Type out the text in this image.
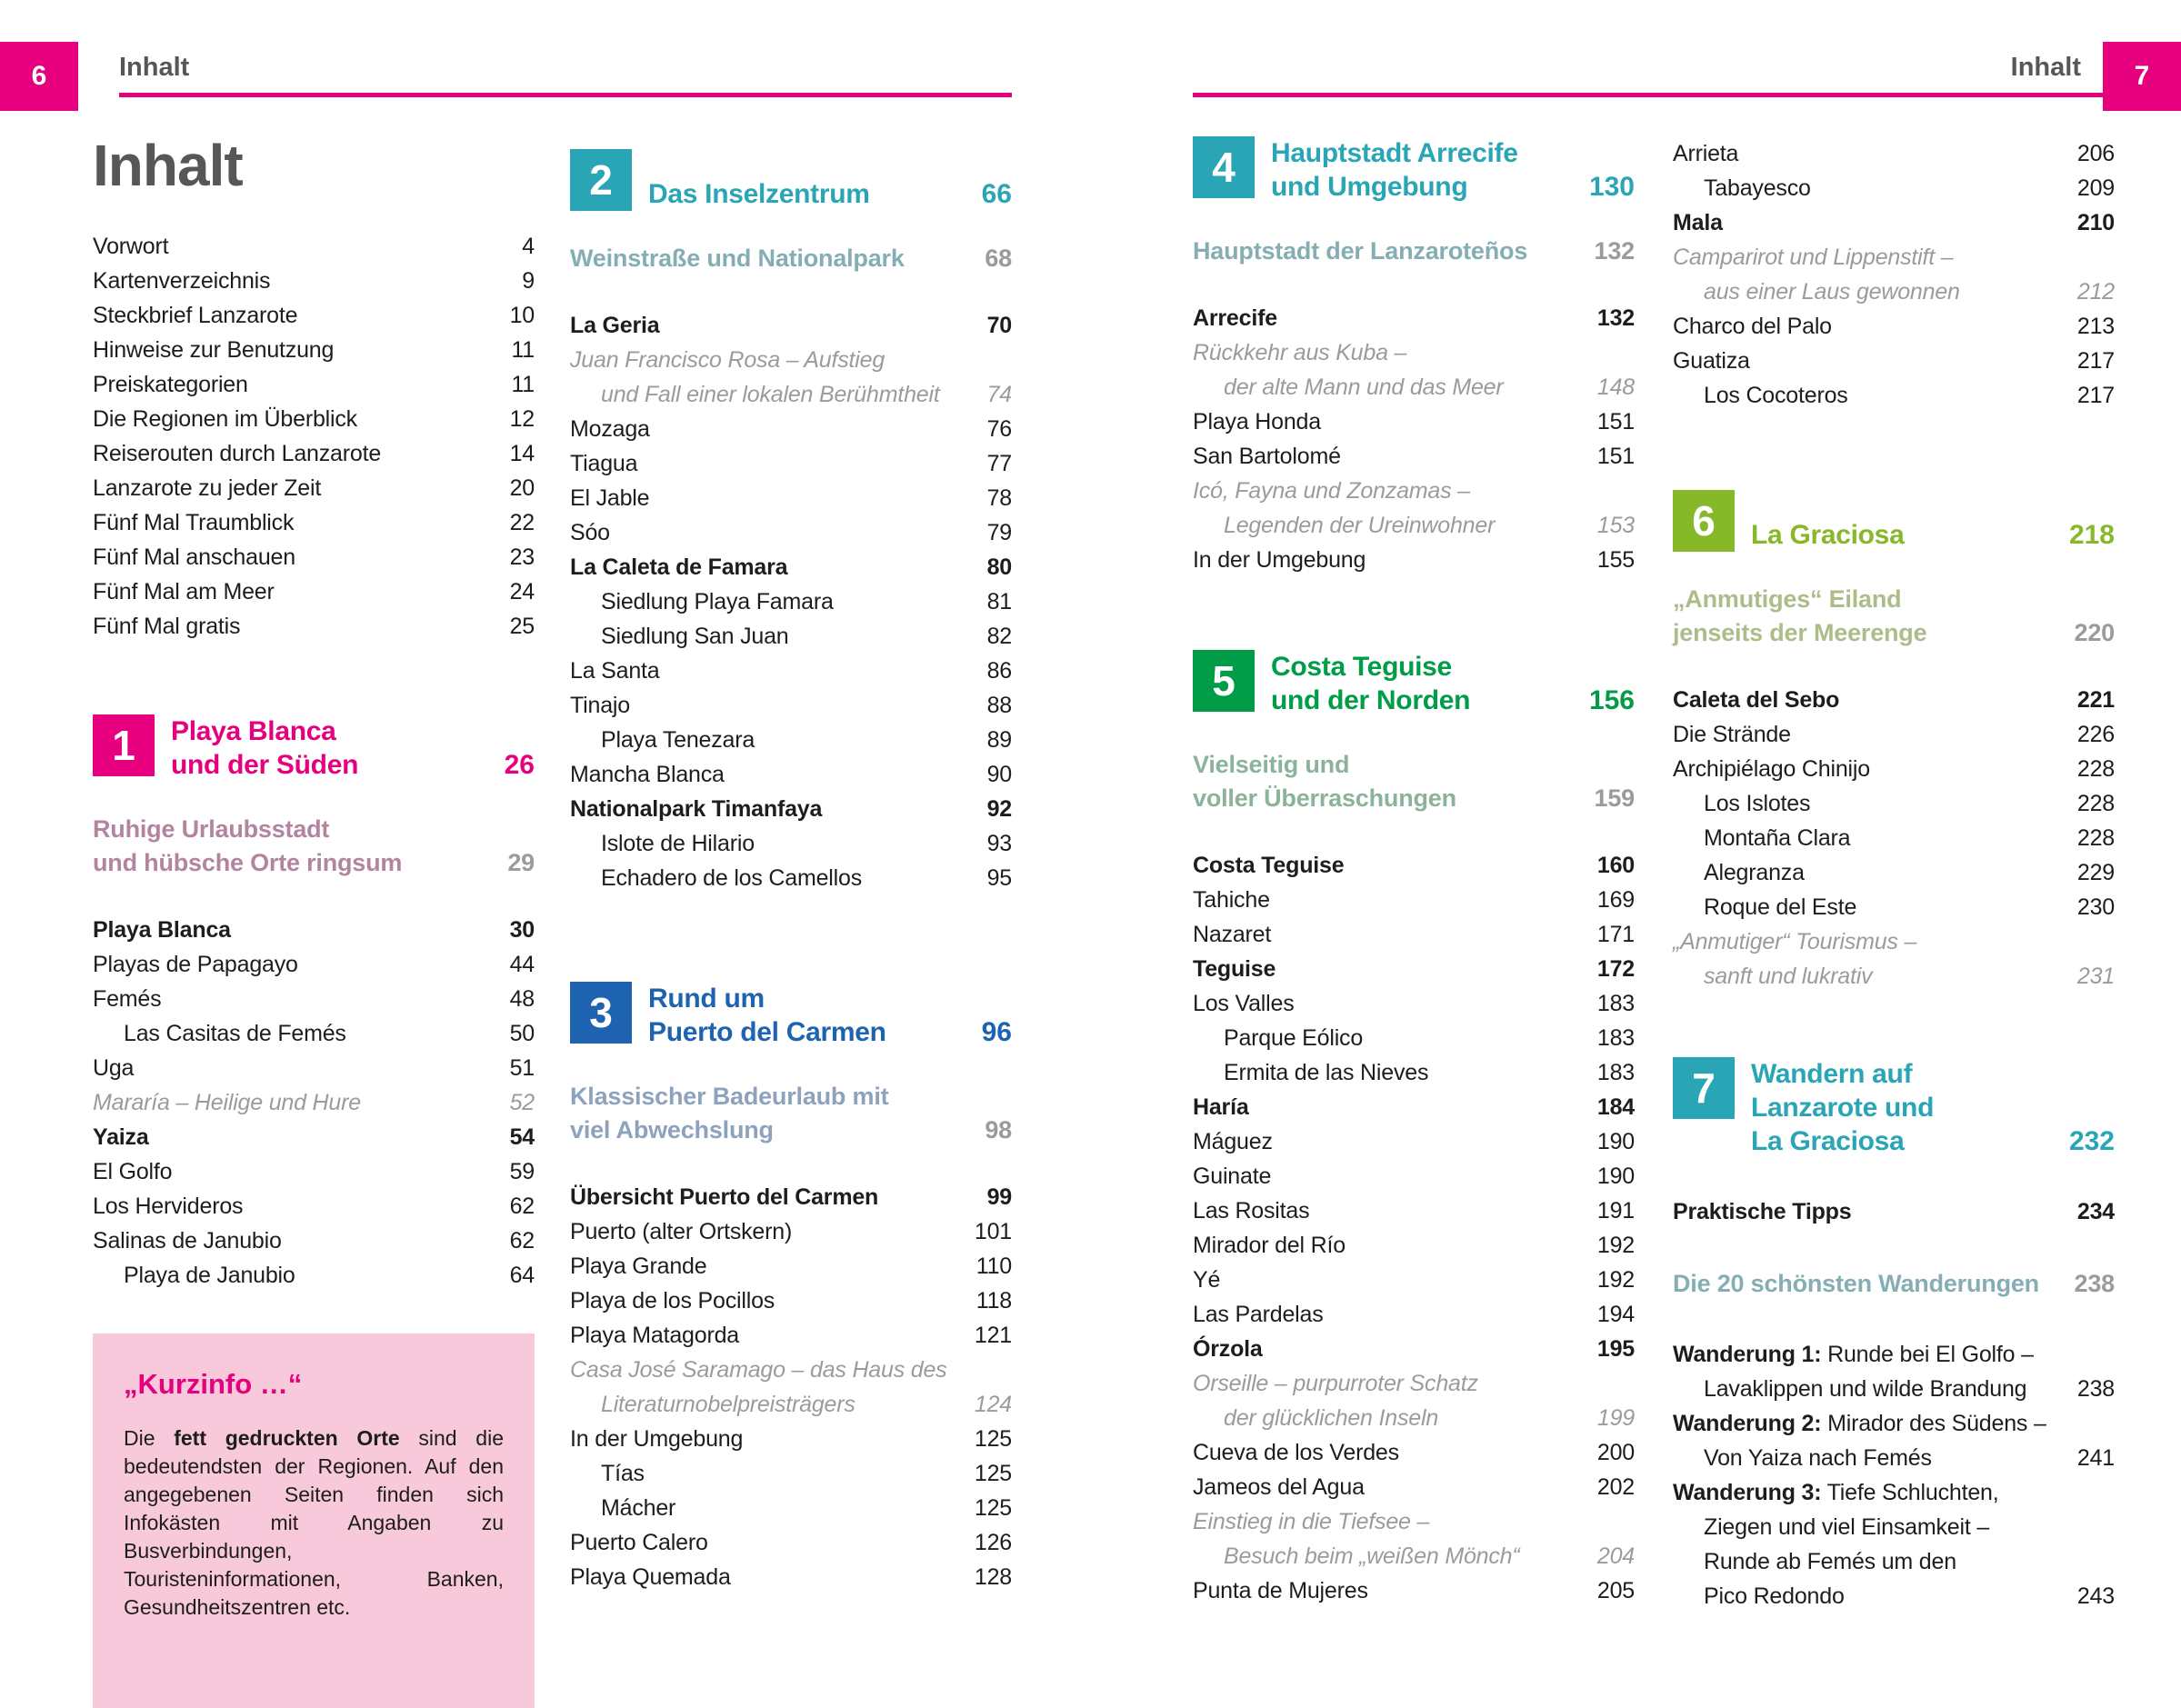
6	Inhalt	Inhalt	7
Inhalt
Vorwort	4
Kartenverzeichnis	9
Steckbrief Lanzarote	10
Hinweise zur Benutzung	11
Preiskategorien	11
Die Regionen im Überblick	12
Reiserouten durch Lanzarote	14
Lanzarote zu jeder Zeit	20
Fünf Mal Traumblick	22
Fünf Mal anschauen	23
Fünf Mal am Meer	24
Fünf Mal gratis	25
1	Playa Blanca
und der Süden	26
Ruhige Urlaubsstadt
und hübsche Orte ringsum	29
Playa Blanca	30
Playas de Papagayo	44
Femés	48
Las Casitas de Femés	50
Uga	51
Mararía – Heilige und Hure	52
Yaiza	54
El Golfo	59
Los Hervideros	62
Salinas de Janubio	62
Playa de Janubio	64
2	Das Inselzentrum	66
Weinstraße und Nationalpark	68
La Geria	70
Juan Francisco Rosa – Aufstieg
und Fall einer lokalen Berühmtheit	74
Mozaga	76
Tiagua	77
El Jable	78
Sóo	79
La Caleta de Famara	80
Siedlung Playa Famara	81
Siedlung San Juan	82
La Santa	86
Tinajo	88
Playa Tenezara	89
Mancha Blanca	90
Nationalpark Timanfaya	92
Islote de Hilario	93
Echadero de los Camellos	95
3	Rund um
Puerto del Carmen	96
Klassischer Badeurlaub mit
viel Abwechslung	98
Übersicht Puerto del Carmen	99
Puerto (alter Ortskern)	101
Playa Grande	110
Playa de los Pocillos	118
Playa Matagorda	121
Casa José Saramago – das Haus des
Literaturnobelpreisträgers	124
In der Umgebung	125
Tías	125
Mácher	125
Puerto Calero	126
Playa Quemada	128
4	Hauptstadt Arrecife
und Umgebung	130
Hauptstadt der Lanzaroteños	132
Arrecife	132
Rückkehr aus Kuba –
der alte Mann und das Meer	148
Playa Honda	151
San Bartolomé	151
Icó, Fayna und Zonzamas –
Legenden der Ureinwohner	153
In der Umgebung	155
5	Costa Teguise
und der Norden	156
Vielseitig und
voller Überraschungen	159
Costa Teguise	160
Tahiche	169
Nazaret	171
Teguise	172
Los Valles	183
Parque Eólico	183
Ermita de las Nieves	183
Haría	184
Máguez	190
Guinate	190
Las Rositas	191
Mirador del Río	192
Yé	192
Las Pardelas	194
Órzola	195
Orseille – purpurroter Schatz
der glücklichen Inseln	199
Cueva de los Verdes	200
Jameos del Agua	202
Einstieg in die Tiefsee –
Besuch beim „weißen Mönch“	204
Punta de Mujeres	205
Arrieta	206
Tabayesco	209
Mala	210
Camparirot und Lippenstift –
aus einer Laus gewonnen	212
Charco del Palo	213
Guatiza	217
Los Cocoteros	217
6	La Graciosa	218
„Anmutiges“ Eiland
jenseits der Meerenge	220
Caleta del Sebo	221
Die Strände	226
Archipiélago Chinijo	228
Los Islotes	228
Montaña Clara	228
Alegranza	229
Roque del Este	230
„Anmutiger“ Tourismus –
sanft und lukrativ	231
7	Wandern auf
Lanzarote und
La Graciosa	232
Praktische Tipps	234
Die 20 schönsten Wanderungen 238
Wanderung 1: Runde bei El Golfo –
Lavaklippen und wilde Brandung	238
Wanderung 2: Mirador des Südens –
Von Yaiza nach Femés	241
Wanderung 3: Tiefe Schluchten,
Ziegen und viel Einsamkeit –
Runde ab Femés um den
Pico Redondo	243
„Kurzinfo …“

Die fett gedruckten Orte sind die bedeutendsten der Regionen. Auf den angegebenen Seiten finden sich Infokästen mit Angaben zu Busverbindungen, Touristeninformationen, Banken, Gesundheitszentren etc.
